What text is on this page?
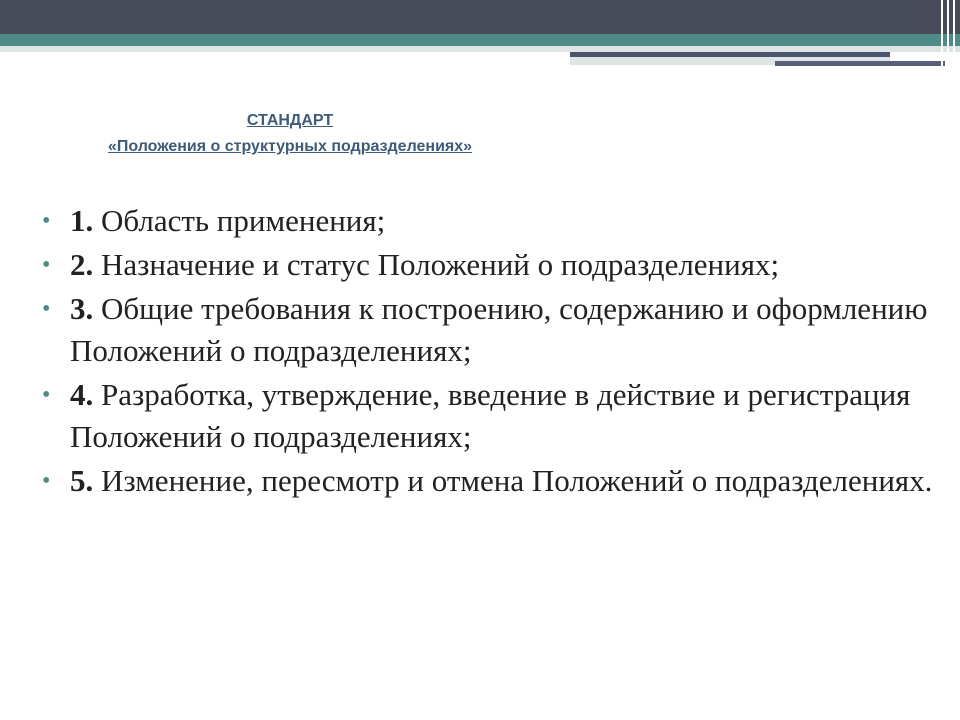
СТАНДАРТ
«Положения о структурных подразделениях»
• 1. Область применения;
• 2. Назначение и статус Положений о подразделениях;
• 3. Общие требования к построению, содержанию и оформлению Положений о подразделениях;
• 4. Разработка, утверждение, введение в действие и регистрация Положений о подразделениях;
• 5. Изменение, пересмотр и отмена Положений о подразделениях.
